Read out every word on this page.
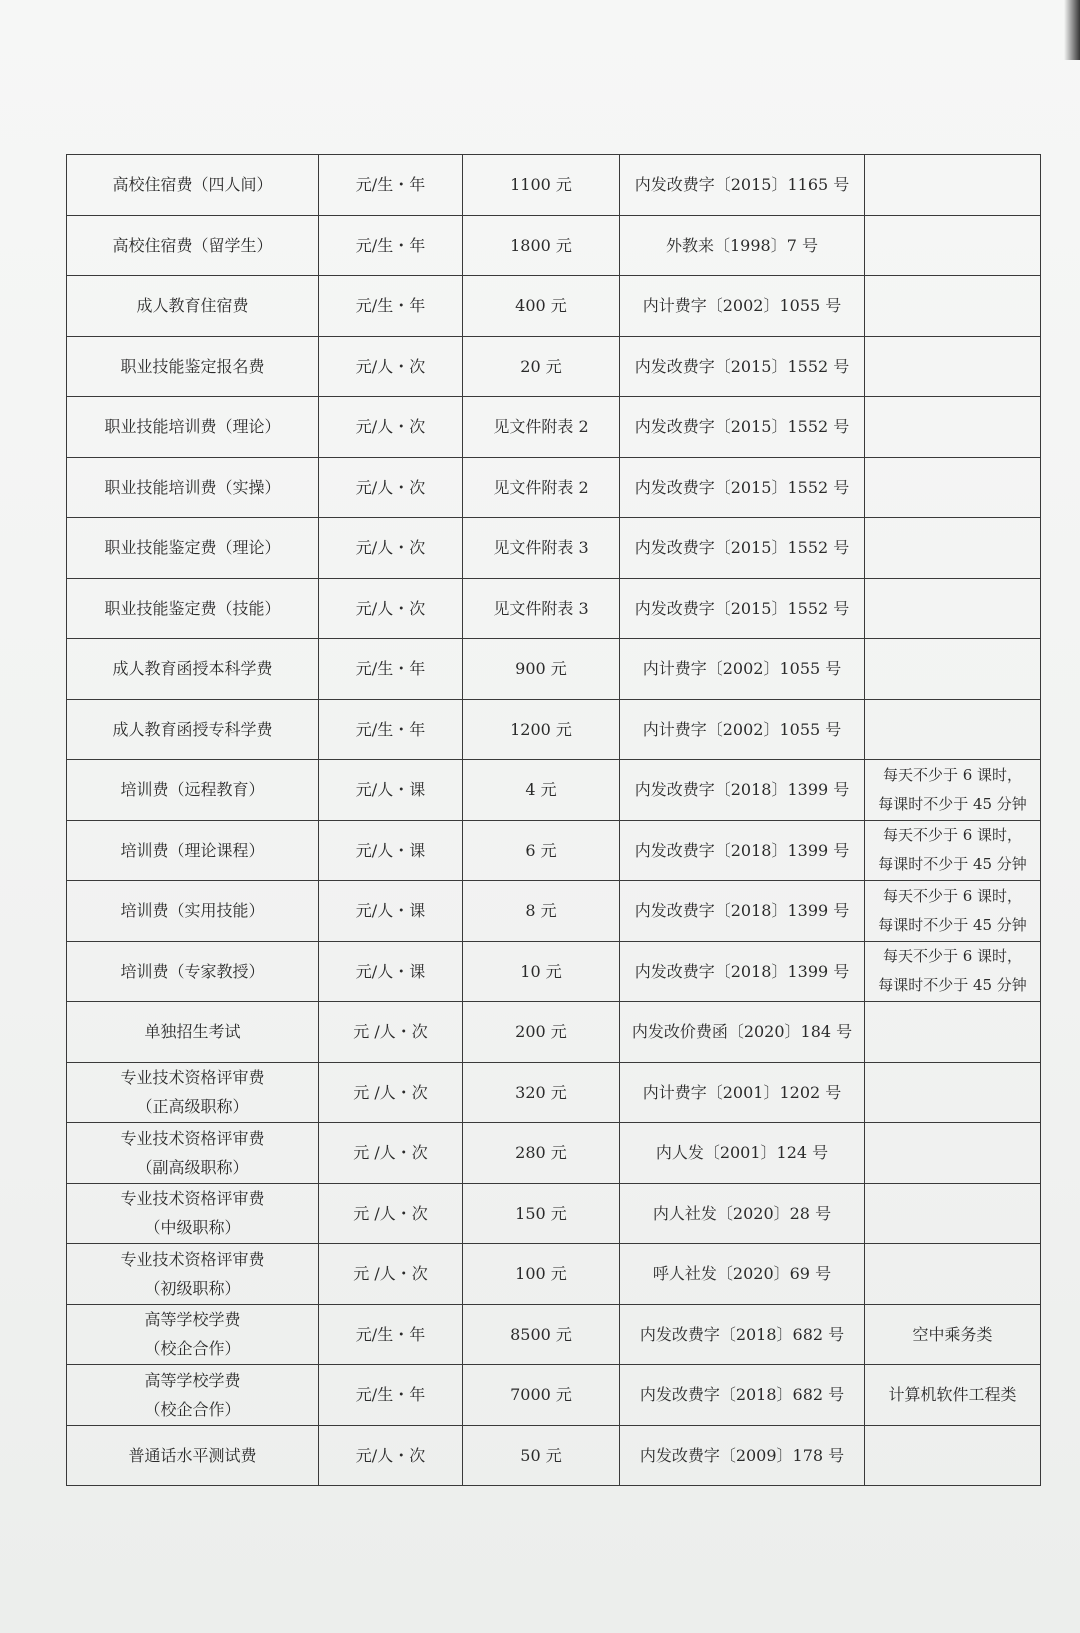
高校住宿费（四人间）	元/生・年	1100 元	内发改费字〔2015〕1165 号	

高校住宿费（留学生）	元/生・年	1800 元	外教来〔1998〕7 号	

成人教育住宿费	元/生・年	400 元	内计费字〔2002〕1055 号	

职业技能鉴定报名费	元/人・次	20 元	内发改费字〔2015〕1552 号	

职业技能培训费（理论）	元/人・次	见文件附表 2	内发改费字〔2015〕1552 号	

职业技能培训费（实操）	元/人・次	见文件附表 2	内发改费字〔2015〕1552 号	

职业技能鉴定费（理论）	元/人・次	见文件附表 3	内发改费字〔2015〕1552 号	

职业技能鉴定费（技能）	元/人・次	见文件附表 3	内发改费字〔2015〕1552 号	

成人教育函授本科学费	元/生・年	900 元	内计费字〔2002〕1055 号	

成人教育函授专科学费	元/生・年	1200 元	内计费字〔2002〕1055 号	

培训费（远程教育）	元/人・课	4 元	内发改费字〔2018〕1399 号	每天不少于 6 课时，
每课时不少于 45 分钟

培训费（理论课程）	元/人・课	6 元	内发改费字〔2018〕1399 号	每天不少于 6 课时，
每课时不少于 45 分钟

培训费（实用技能）	元/人・课	8 元	内发改费字〔2018〕1399 号	每天不少于 6 课时，
每课时不少于 45 分钟

培训费（专家教授）	元/人・课	10 元	内发改费字〔2018〕1399 号	每天不少于 6 课时，
每课时不少于 45 分钟

单独招生考试	元 /人・次	200 元	内发改价费函〔2020〕184 号	

专业技术资格评审费
（正高级职称）	元 /人・次	320 元	内计费字〔2001〕1202 号	

专业技术资格评审费
（副高级职称）	元 /人・次	280 元	内人发〔2001〕124 号	

专业技术资格评审费
（中级职称）	元 /人・次	150 元	内人社发〔2020〕28 号	

专业技术资格评审费
（初级职称）	元 /人・次	100 元	呼人社发〔2020〕69 号	

高等学校学费
（校企合作）	元/生・年	8500 元	内发改费字〔2018〕682 号	空中乘务类

高等学校学费
（校企合作）	元/生・年	7000 元	内发改费字〔2018〕682 号	计算机软件工程类

普通话水平测试费	元/人・次	50 元	内发改费字〔2009〕178 号	
